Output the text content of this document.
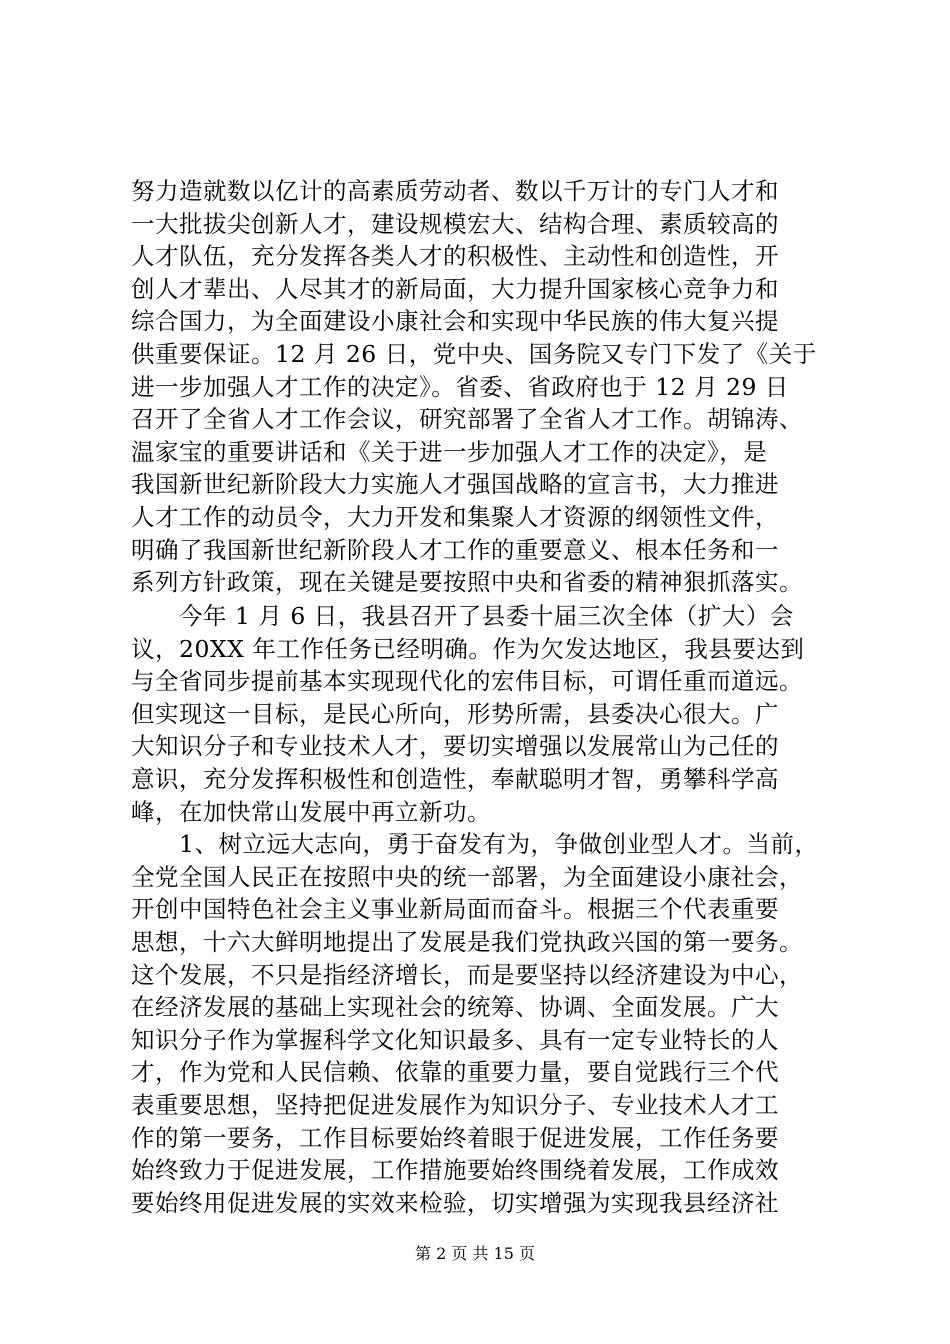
努力造就数以亿计的高素质劳动者、数以千万计的专门人才和
一大批拔尖创新人才，建设规模宏大、结构合理、素质较高的
人才队伍，充分发挥各类人才的积极性、主动性和创造性，开
创人才辈出、人尽其才的新局面，大力提升国家核心竞争力和
综合国力，为全面建设小康社会和实现中华民族的伟大复兴提
供重要保证。12 月 26 日，党中央、国务院又专门下发了《关于
进一步加强人才工作的决定》。省委、省政府也于 12 月 29 日
召开了全省人才工作会议，研究部署了全省人才工作。胡锦涛、
温家宝的重要讲话和《关于进一步加强人才工作的决定》，是
我国新世纪新阶段大力实施人才强国战略的宣言书，大力推进
人才工作的动员令，大力开发和集聚人才资源的纲领性文件，
明确了我国新世纪新阶段人才工作的重要意义、根本任务和一
系列方针政策，现在关键是要按照中央和省委的精神狠抓落实。
　　今年 1 月 6 日，我县召开了县委十届三次全体（扩大）会
议，20XX 年工作任务已经明确。作为欠发达地区，我县要达到
与全省同步提前基本实现现代化的宏伟目标，可谓任重而道远。
但实现这一目标，是民心所向，形势所需，县委决心很大。广
大知识分子和专业技术人才，要切实增强以发展常山为己任的
意识，充分发挥积极性和创造性，奉献聪明才智，勇攀科学高
峰，在加快常山发展中再立新功。
　　1、树立远大志向，勇于奋发有为，争做创业型人才。当前，
全党全国人民正在按照中央的统一部署，为全面建设小康社会，
开创中国特色社会主义事业新局面而奋斗。根据三个代表重要
思想，十六大鲜明地提出了发展是我们党执政兴国的第一要务。
这个发展，不只是指经济增长，而是要坚持以经济建设为中心，
在经济发展的基础上实现社会的统筹、协调、全面发展。广大
知识分子作为掌握科学文化知识最多、具有一定专业特长的人
才，作为党和人民信赖、依靠的重要力量，要自觉践行三个代
表重要思想，坚持把促进发展作为知识分子、专业技术人才工
作的第一要务，工作目标要始终着眼于促进发展，工作任务要
始终致力于促进发展，工作措施要始终围绕着发展，工作成效
要始终用促进发展的实效来检验，切实增强为实现我县经济社
第 2 页 共 15 页
